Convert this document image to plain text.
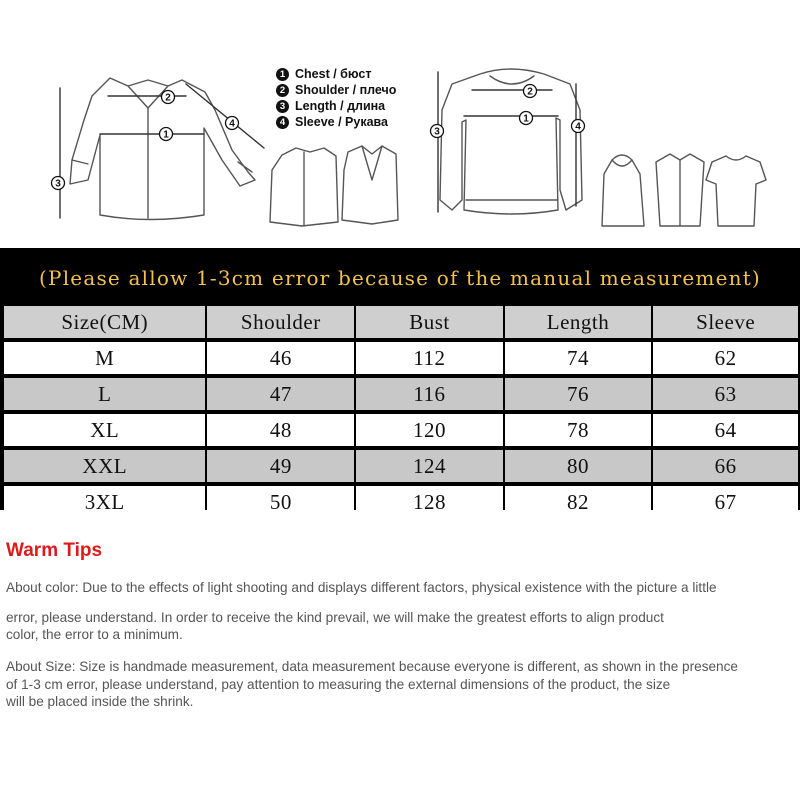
1
2
3
4	1
2
3	4
1 Chest / бюст
2 Shoulder / плечо
3 Length / длина
4 Sleeve / Рукава
(Please allow 1-3cm error because of the manual measurement)
Size(CM)	Shoulder	Bust	Length	Sleeve
M	46	112	74	62
L	47	116	76	63
XL	48	120	78	64
XXL	49	124	80	66
3XL	50	128	82	67
Warm Tips
About color: Due to the effects of light shooting and displays different factors, physical existence with the picture a little
error, please understand. In order to receive the kind prevail, we will make the greatest efforts to align product
color, the error to a minimum.
About Size: Size is handmade measurement, data measurement because everyone is different, as shown in the presence
of 1-3 cm error, please understand, pay attention to measuring the external dimensions of the product, the size
will be placed inside the shrink.
